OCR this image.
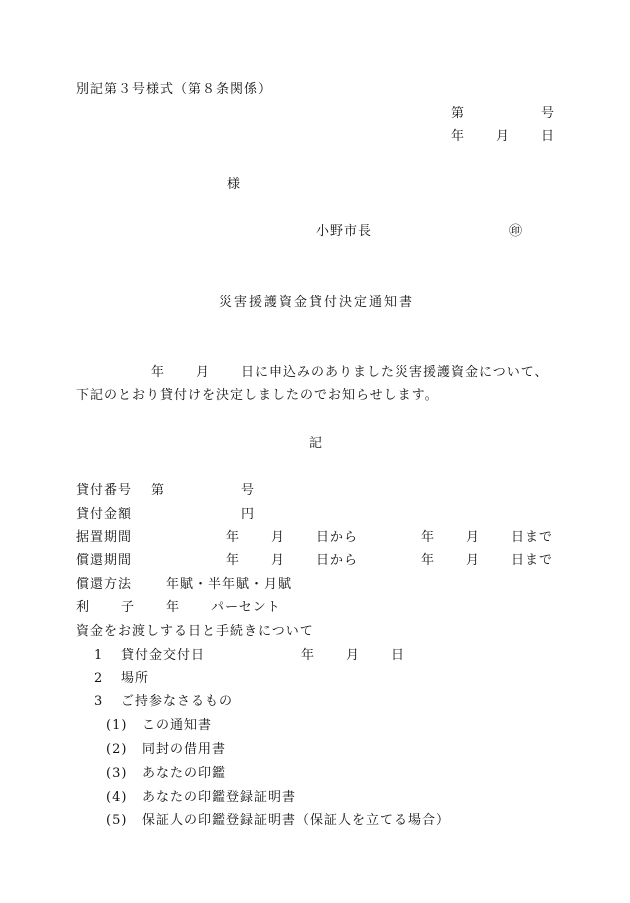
別記第３号様式（第８条関係）
第	号
年 月 日
様
小野市長	㊞
災害援護資金貸付決定通知書
年 月 日に申込みのありました災害援護資金について、
下記のとおり貸付けを決定しましたのでお知らせします。
記
貸付番号 第	号
貸付金額	円
据置期間	年 月 日から	年 月 日まで
償還期間	年 月 日から	年 月 日まで
償還方法	年賦・半年賦・月賦
利 子 年 パーセント
資金をお渡しする日と手続きについて
1 貸付金交付日	年 月 日
2 場所
3 ご持参なさるもの
(1) この通知書
(2) 同封の借用書
(3) あなたの印鑑
(4) あなたの印鑑登録証明書
(5) 保証人の印鑑登録証明書（保証人を立てる場合）
